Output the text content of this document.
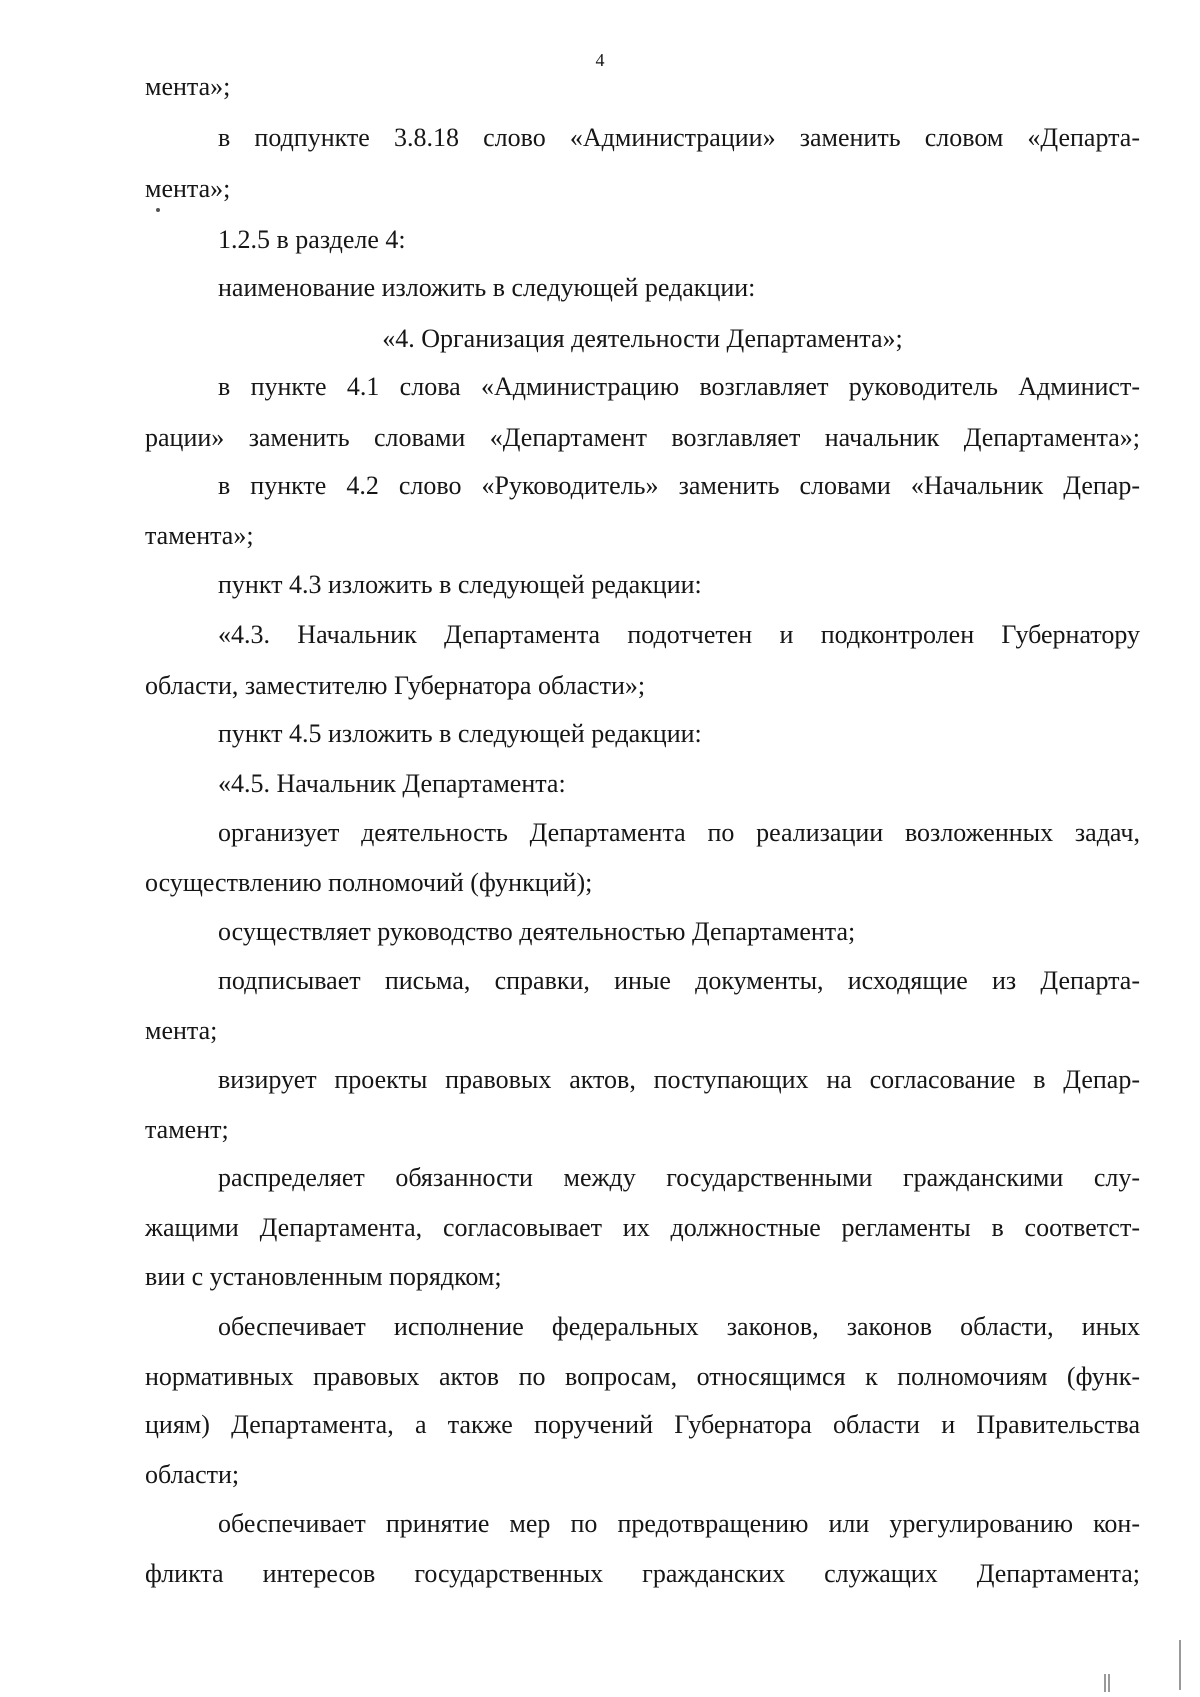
4
мента»;
в подпункте 3.8.18 слово «Администрации» заменить словом «Департа-
мента»;
1.2.5 в разделе 4:
наименование изложить в следующей редакции:
«4. Организация деятельности Департамента»;
в пункте 4.1 слова «Администрацию возглавляет руководитель Админист-
рации» заменить словами «Департамент возглавляет начальник Департамента»;
в пункте 4.2 слово «Руководитель» заменить словами «Начальник Депар-
тамента»;
пункт 4.3 изложить в следующей редакции:
«4.3. Начальник Департамента подотчетен и подконтролен Губернатору
области, заместителю Губернатора области»;
пункт 4.5 изложить в следующей редакции:
«4.5. Начальник Департамента:
организует деятельность Департамента по реализации возложенных задач,
осуществлению полномочий (функций);
осуществляет руководство деятельностью Департамента;
подписывает письма, справки, иные документы, исходящие из Департа-
мента;
визирует проекты правовых актов, поступающих на согласование в Депар-
тамент;
распределяет обязанности между государственными гражданскими слу-
жащими Департамента, согласовывает их должностные регламенты в соответст-
вии с установленным порядком;
обеспечивает исполнение федеральных законов, законов области, иных
нормативных правовых актов по вопросам, относящимся к полномочиям (функ-
циям) Департамента, а также поручений Губернатора области и Правительства
области;
обеспечивает принятие мер по предотвращению или урегулированию кон-
фликта интересов государственных гражданских служащих Департамента;
